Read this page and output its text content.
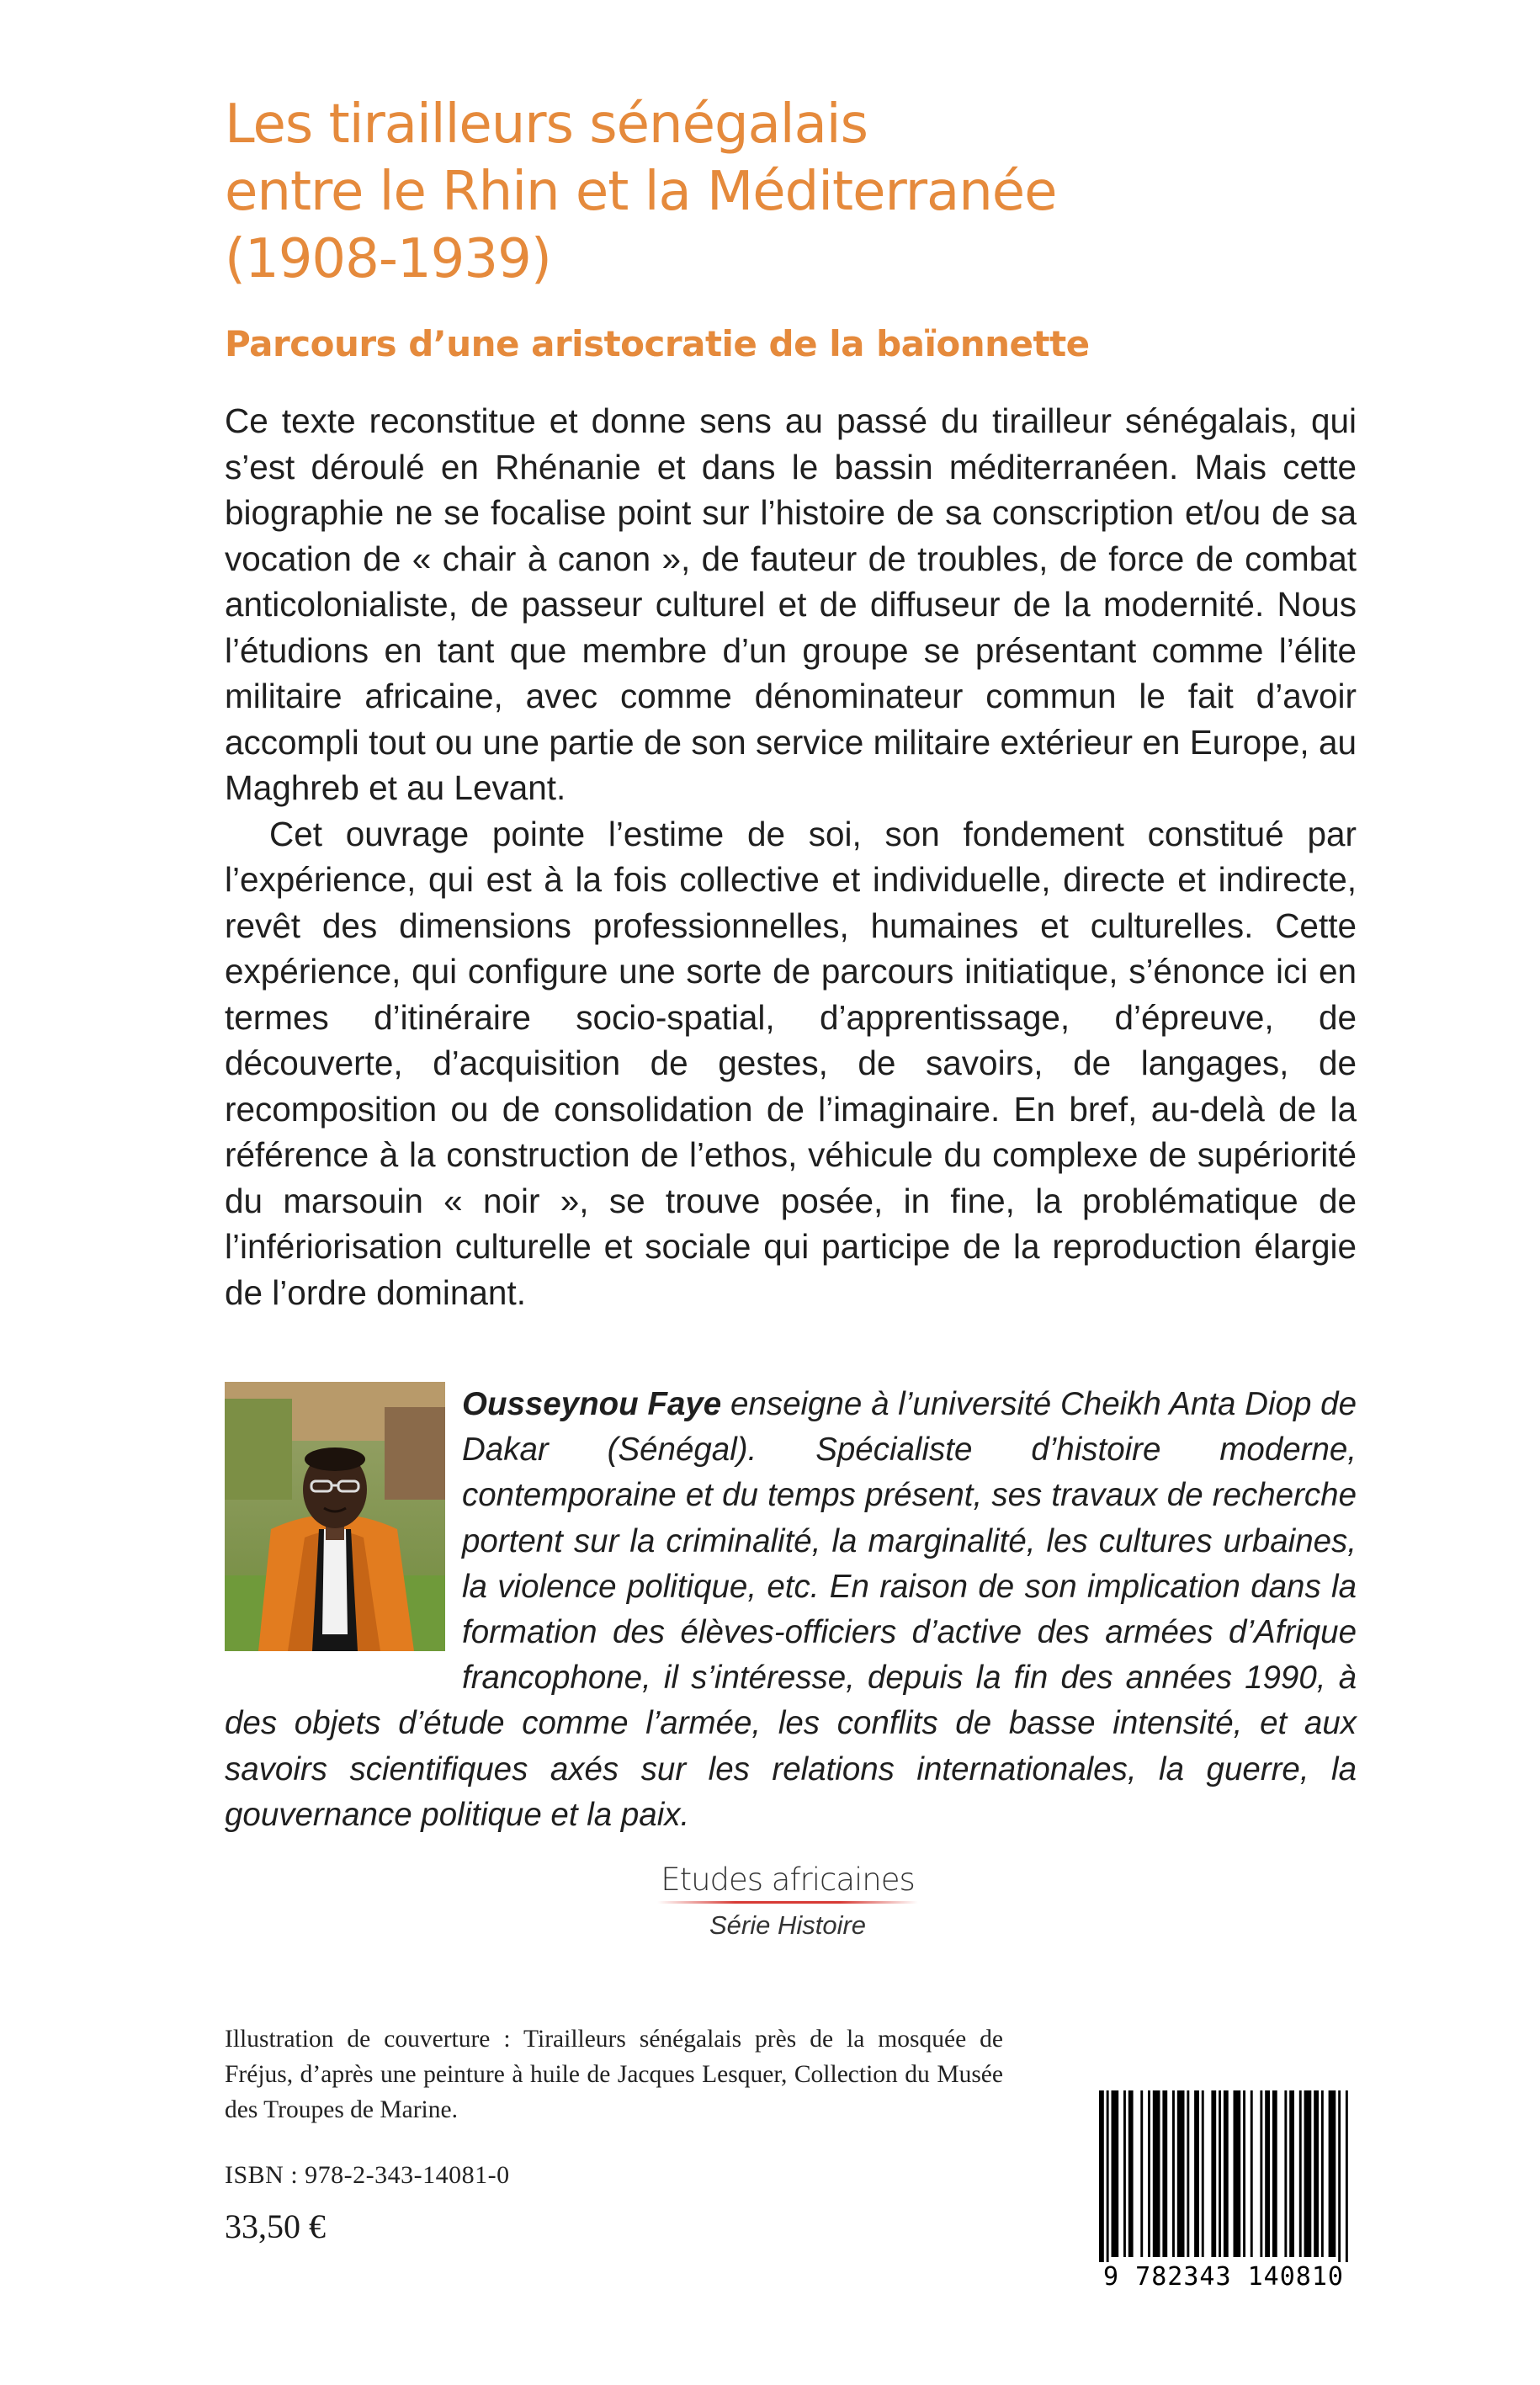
Les tirailleurs sénégalais
entre le Rhin et la Méditerranée
(1908-1939)
Parcours d’une aristocratie de la baïonnette

Ce texte reconstitue et donne sens au passé du tirailleur sénégalais, qui s’est déroulé en Rhénanie et dans le bassin méditerranéen. Mais cette biographie ne se focalise point sur l’histoire de sa conscription et/ou de sa vocation de « chair à canon », de fauteur de troubles, de force de combat anticolonialiste, de passeur culturel et de diffuseur de la modernité. Nous l’étudions en tant que membre d’un groupe se présentant comme l’élite militaire africaine, avec comme dénominateur commun le fait d’avoir accompli tout ou une partie de son service militaire extérieur en Europe, au Maghreb et au Levant.

Cet ouvrage pointe l’estime de soi, son fondement constitué par l’expérience, qui est à la fois collective et individuelle, directe et indirecte, revêt des dimensions professionnelles, humaines et culturelles. Cette expérience, qui configure une sorte de parcours initiatique, s’énonce ici en termes d’itinéraire socio-spatial, d’apprentissage, d’épreuve, de découverte, d’acquisition de gestes, de savoirs, de langages, de recomposition ou de consolidation de l’imaginaire. En bref, au-delà de la référence à la construction de l’ethos, véhicule du complexe de supériorité du marsouin « noir », se trouve posée, in fine, la problématique de l’infériorisation culturelle et sociale qui participe de la reproduction élargie de l’ordre dominant.

Ousseynou Faye enseigne à l’université Cheikh Anta Diop de Dakar (Sénégal). Spécialiste d’histoire moderne, contemporaine et du temps présent, ses travaux de recherche portent sur la criminalité, la marginalité, les cultures urbaines, la violence politique, etc. En raison de son implication dans la formation des élèves-officiers d’active des armées d’Afrique francophone, il s’intéresse, depuis la fin des années 1990, à des objets d’étude comme l’armée, les conflits de basse intensité, et aux savoirs scientifiques axés sur les relations internationales, la guerre, la gouvernance politique et la paix.

Etudes africaines

Série Histoire

Illustration de couverture : Tirailleurs sénégalais près de la mosquée de Fréjus, d’après une peinture à huile de Jacques Lesquer, Collection du Musée des Troupes de Marine.

ISBN : 978-2-343-14081-0
33,50 €
9 782343 140810
